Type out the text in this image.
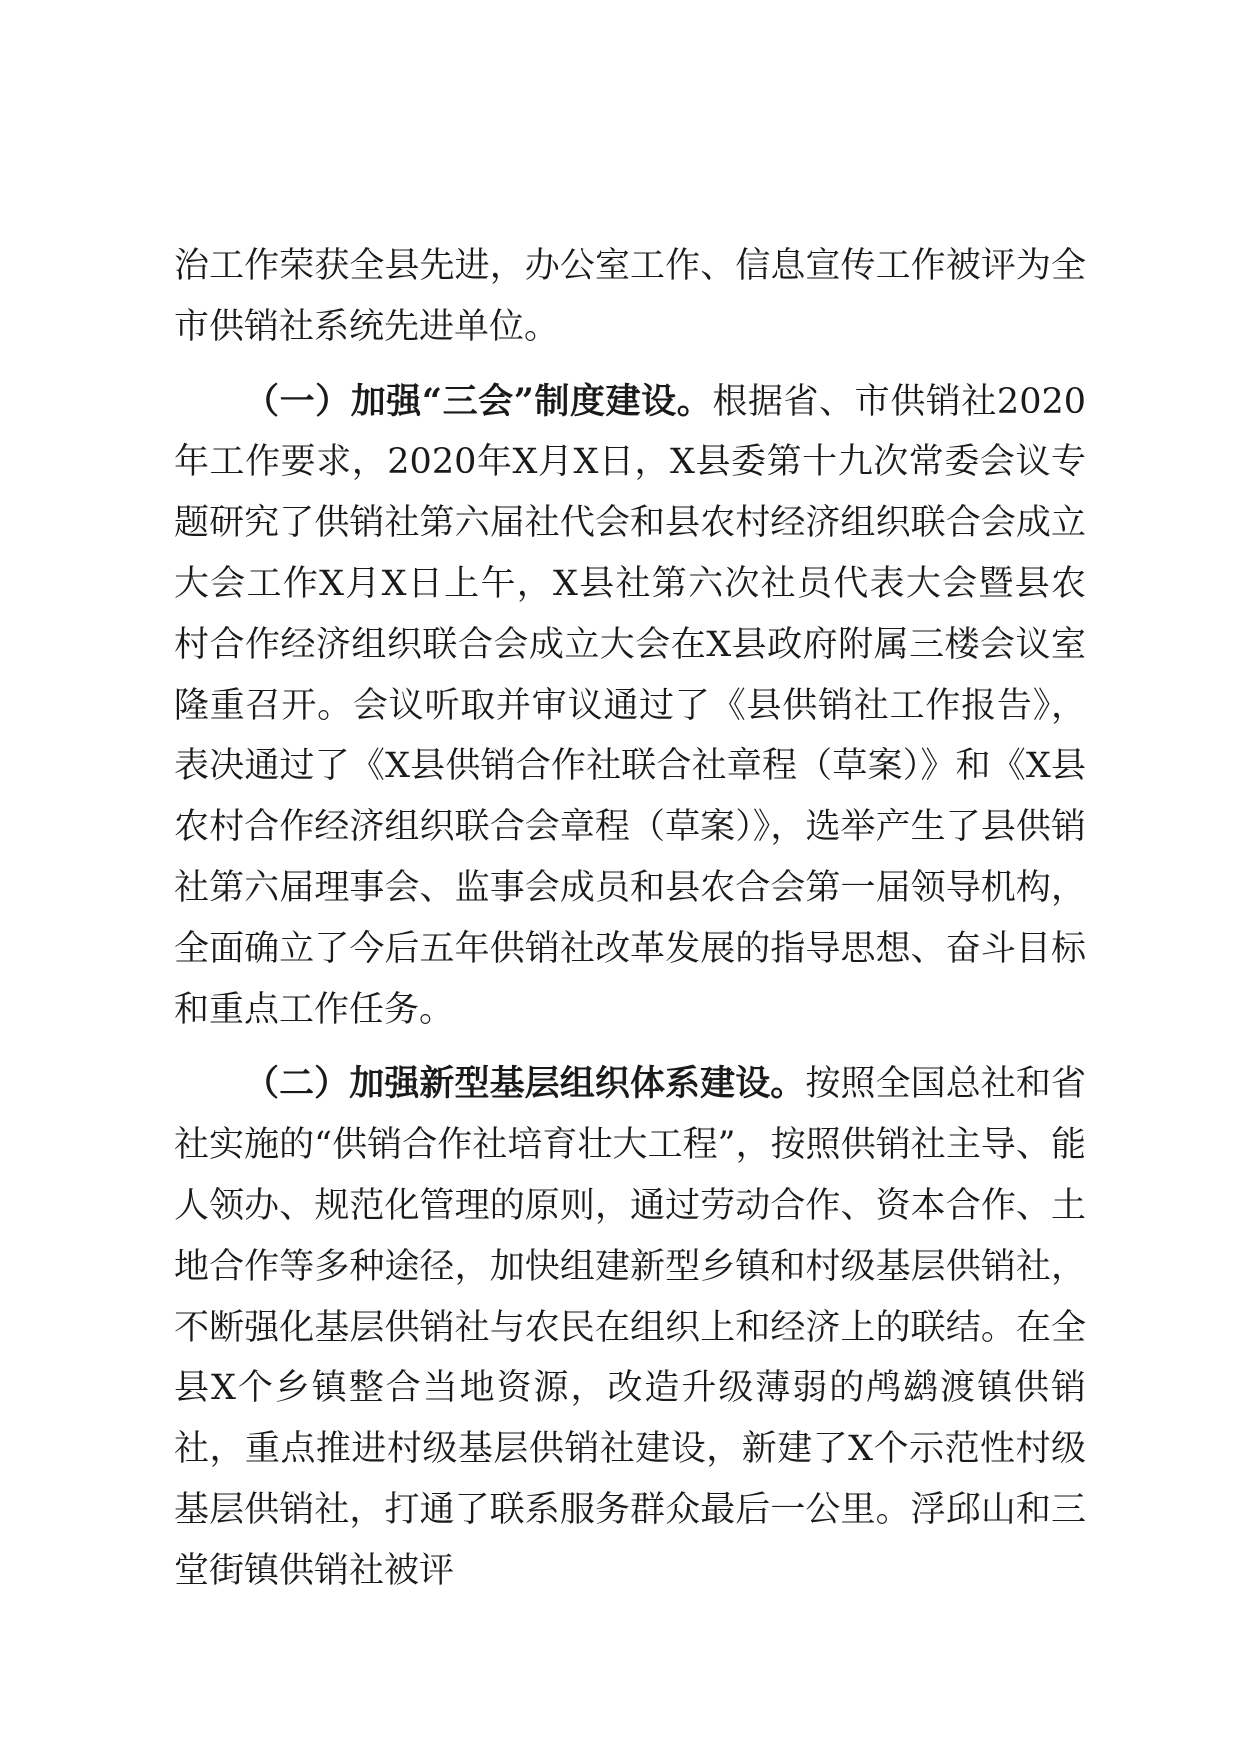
治工作荣获全县先进，办公室工作、信息宣传工作被评为全市供销社系统先进单位。

（一）加强“三会”制度建设。根据省、市供销社2020年工作要求，2020年X月X日，X县委第十九次常委会议专题研究了供销社第六届社代会和县农村经济组织联合会成立大会工作X月X日上午，X县社第六次社员代表大会暨县农村合作经济组织联合会成立大会在X县政府附属三楼会议室隆重召开。会议听取并审议通过了《县供销社工作报告》，表决通过了《X县供销合作社联合社章程（草案）》和《X县农村合作经济组织联合会章程（草案）》，选举产生了县供销社第六届理事会、监事会成员和县农合会第一届领导机构，全面确立了今后五年供销社改革发展的指导思想、奋斗目标和重点工作任务。

（二）加强新型基层组织体系建设。按照全国总社和省社实施的“供销合作社培育壮大工程”，按照供销社主导、能人领办、规范化管理的原则，通过劳动合作、资本合作、土地合作等多种途径，加快组建新型乡镇和村级基层供销社，不断强化基层供销社与农民在组织上和经济上的联结。在全县X个乡镇整合当地资源，改造升级薄弱的鸬鹚渡镇供销社，重点推进村级基层供销社建设，新建了X个示范性村级基层供销社，打通了联系服务群众最后一公里。浮邱山和三堂街镇供销社被评
